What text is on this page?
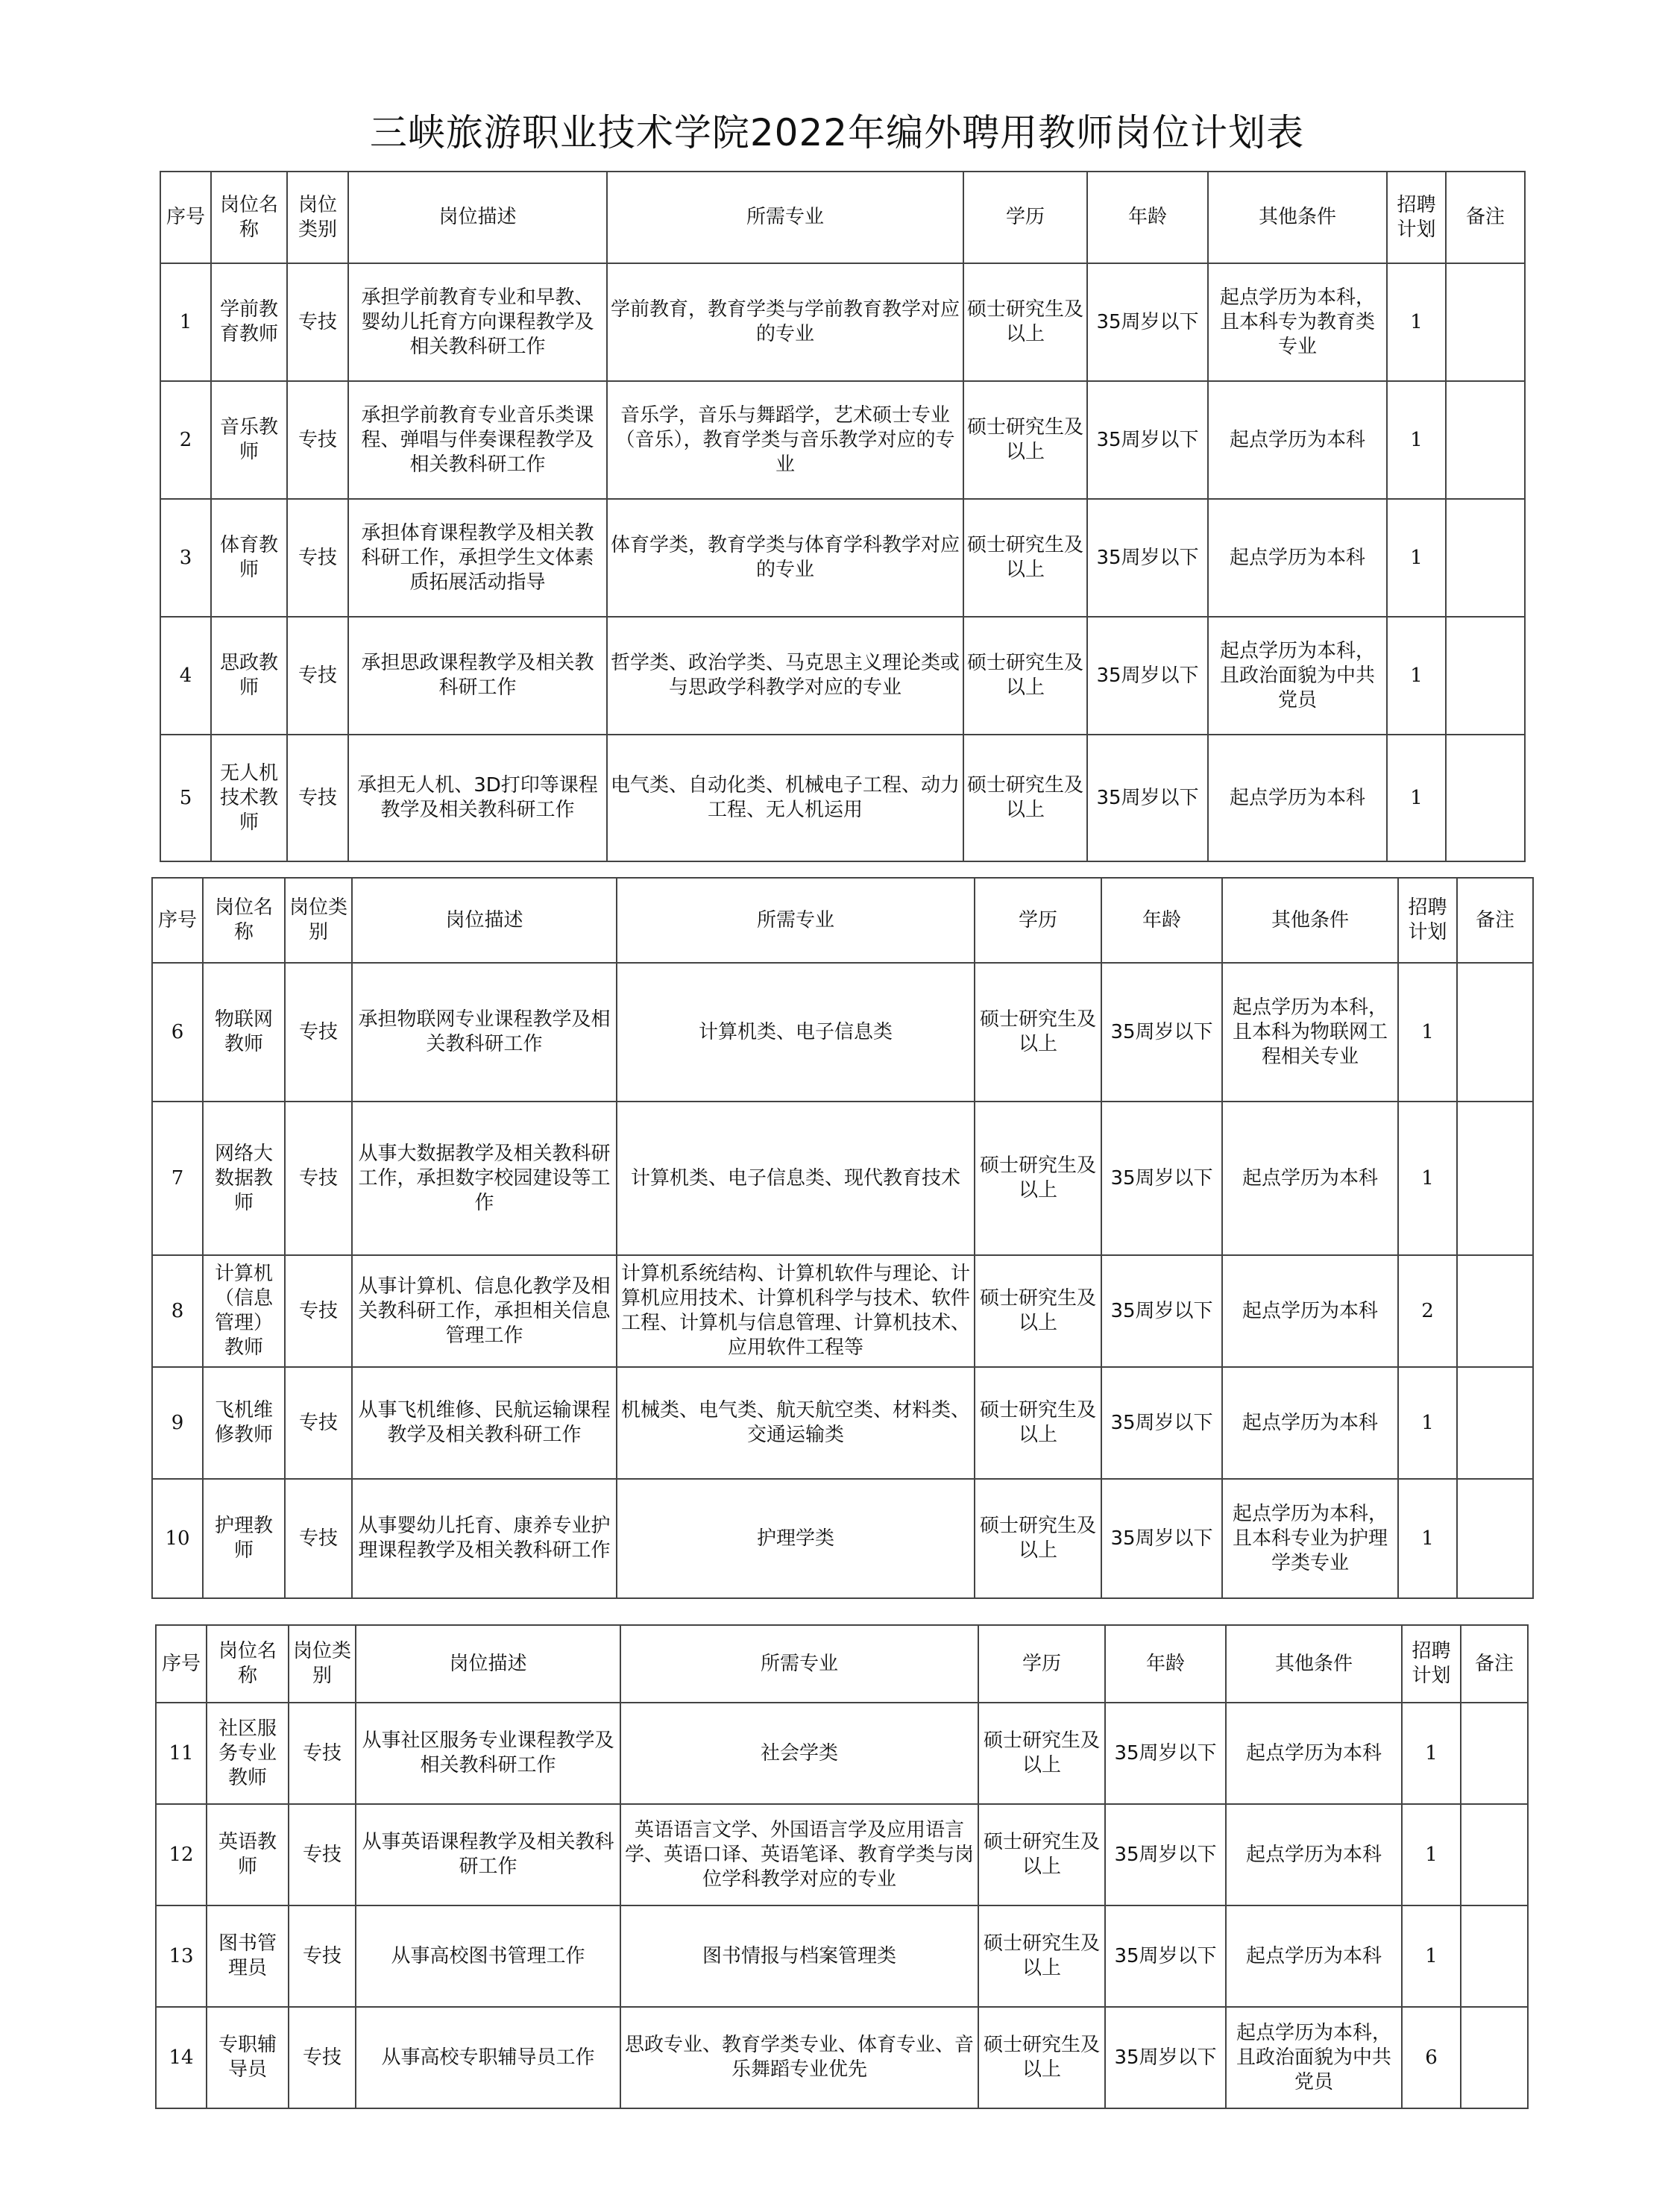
三峡旅游职业技术学院2022年编外聘用教师岗位计划表
序号	岗位名称	岗位类别	岗位描述	所需专业	学历	年龄	其他条件	招聘计划	备注
1	学前教育教师	专技	承担学前教育专业和早教、婴幼儿托育方向课程教学及相关教科研工作	学前教育，教育学类与学前教育教学对应的专业	硕士研究生及以上	35周岁以下	起点学历为本科，且本科专为教育类专业	1	
2	音乐教师	专技	承担学前教育专业音乐类课程、弹唱与伴奏课程教学及相关教科研工作	音乐学，音乐与舞蹈学，艺术硕士专业（音乐），教育学类与音乐教学对应的专业	硕士研究生及以上	35周岁以下	起点学历为本科	1	
3	体育教师	专技	承担体育课程教学及相关教科研工作，承担学生文体素质拓展活动指导	体育学类，教育学类与体育学科教学对应的专业	硕士研究生及以上	35周岁以下	起点学历为本科	1	
4	思政教师	专技	承担思政课程教学及相关教科研工作	哲学类、政治学类、马克思主义理论类或与思政学科教学对应的专业	硕士研究生及以上	35周岁以下	起点学历为本科，且政治面貌为中共党员	1	
5	无人机技术教师	专技	承担无人机、3D打印等课程教学及相关教科研工作	电气类、自动化类、机械电子工程、动力工程、无人机运用	硕士研究生及以上	35周岁以下	起点学历为本科	1	
序号	岗位名称	岗位类别	岗位描述	所需专业	学历	年龄	其他条件	招聘计划	备注
6	物联网教师	专技	承担物联网专业课程教学及相关教科研工作	计算机类、电子信息类	硕士研究生及以上	35周岁以下	起点学历为本科，且本科为物联网工程相关专业	1	
7	网络大数据教师	专技	从事大数据教学及相关教科研工作，承担数字校园建设等工作	计算机类、电子信息类、现代教育技术	硕士研究生及以上	35周岁以下	起点学历为本科	1	
8	计算机（信息管理）教师	专技	从事计算机、信息化教学及相关教科研工作，承担相关信息管理工作	计算机系统结构、计算机软件与理论、计算机应用技术、计算机科学与技术、软件工程、计算机与信息管理、计算机技术、应用软件工程等	硕士研究生及以上	35周岁以下	起点学历为本科	2	
9	飞机维修教师	专技	从事飞机维修、民航运输课程教学及相关教科研工作	机械类、电气类、航天航空类、材料类、交通运输类	硕士研究生及以上	35周岁以下	起点学历为本科	1	
10	护理教师	专技	从事婴幼儿托育、康养专业护理课程教学及相关教科研工作	护理学类	硕士研究生及以上	35周岁以下	起点学历为本科，且本科专业为护理学类专业	1	
序号	岗位名称	岗位类别	岗位描述	所需专业	学历	年龄	其他条件	招聘计划	备注
11	社区服务专业教师	专技	从事社区服务专业课程教学及相关教科研工作	社会学类	硕士研究生及以上	35周岁以下	起点学历为本科	1	
12	英语教师	专技	从事英语课程教学及相关教科研工作	英语语言文学、外国语言学及应用语言学、英语口译、英语笔译、教育学类与岗位学科教学对应的专业	硕士研究生及以上	35周岁以下	起点学历为本科	1	
13	图书管理员	专技	从事高校图书管理工作	图书情报与档案管理类	硕士研究生及以上	35周岁以下	起点学历为本科	1	
14	专职辅导员	专技	从事高校专职辅导员工作	思政专业、教育学类专业、体育专业、音乐舞蹈专业优先	硕士研究生及以上	35周岁以下	起点学历为本科，且政治面貌为中共党员	6	
